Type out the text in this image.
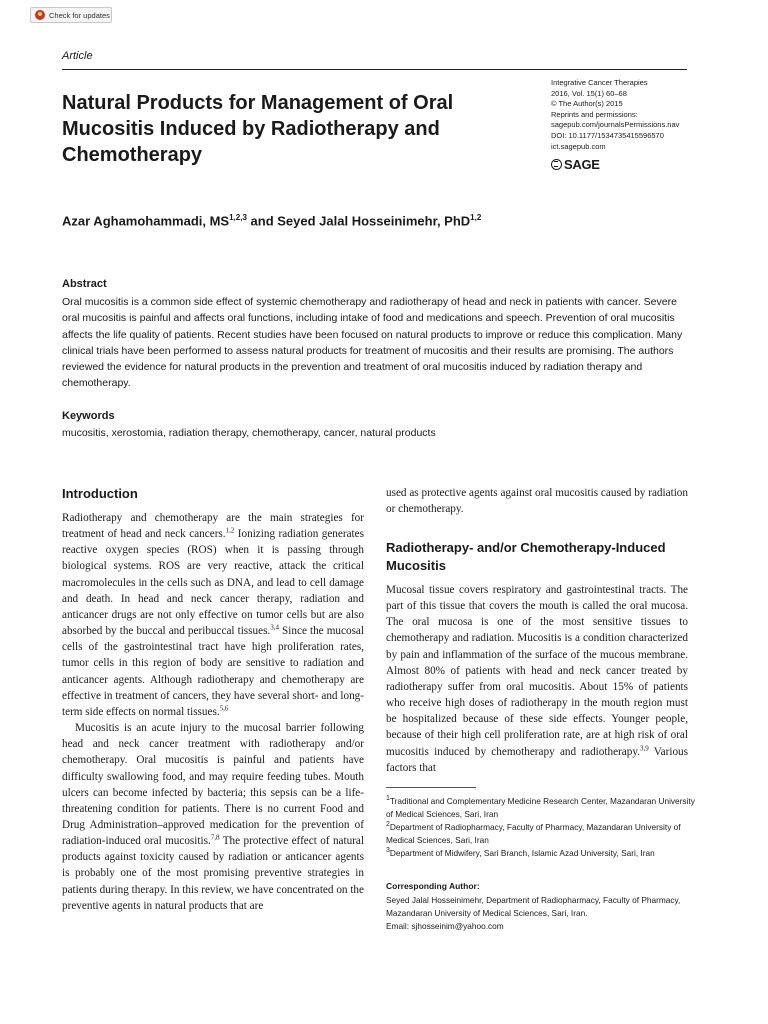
Check for updates
Article
Natural Products for Management of Oral Mucositis Induced by Radiotherapy and Chemotherapy
Integrative Cancer Therapies
2016, Vol. 15(1) 60–68
© The Author(s) 2015
Reprints and permissions:
sagepub.com/journalsPermissions.nav
DOI: 10.1177/1534735415596570
ict.sagepub.com
SAGE
Azar Aghamohammadi, MS$^{1,2,3}$ and Seyed Jalal Hosseinimehr, PhD$^{1,2}$
Abstract
Oral mucositis is a common side effect of systemic chemotherapy and radiotherapy of head and neck in patients with cancer. Severe oral mucositis is painful and affects oral functions, including intake of food and medications and speech. Prevention of oral mucositis affects the life quality of patients. Recent studies have been focused on natural products to improve or reduce this complication. Many clinical trials have been performed to assess natural products for treatment of mucositis and their results are promising. The authors reviewed the evidence for natural products in the prevention and treatment of oral mucositis induced by radiation therapy and chemotherapy.
Keywords
mucositis, xerostomia, radiation therapy, chemotherapy, cancer, natural products
Introduction

Radiotherapy and chemotherapy are the main strategies for treatment of head and neck cancers.$^{1,2}$ Ionizing radiation generates reactive oxygen species (ROS) when it is passing through biological systems. ROS are very reactive, attack the critical macromolecules in the cells such as DNA, and lead to cell damage and death. In head and neck cancer therapy, radiation and anticancer drugs are not only effective on tumor cells but are also absorbed by the buccal and peribuccal tissues.$^{3,4}$ Since the mucosal cells of the gastrointestinal tract have high proliferation rates, tumor cells in this region of body are sensitive to radiation and anticancer agents. Although radiotherapy and chemotherapy are effective in treatment of cancers, they have several short- and long-term side effects on normal tissues.$^{5,6}$

Mucositis is an acute injury to the mucosal barrier following head and neck cancer treatment with radiotherapy and/or chemotherapy. Oral mucositis is painful and patients have difficulty swallowing food, and may require feeding tubes. Mouth ulcers can become infected by bacteria; this sepsis can be a life-threatening condition for patients. There is no current Food and Drug Administration–approved medication for the prevention of radiation-induced oral mucositis.$^{7,8}$ The protective effect of natural products against toxicity caused by radiation or anticancer agents is probably one of the most promising preventive strategies in patients during therapy. In this review, we have concentrated on the preventive agents in natural products that are

used as protective agents against oral mucositis caused by radiation or chemotherapy.

Radiotherapy- and/or Chemotherapy-Induced Mucositis

Mucosal tissue covers respiratory and gastrointestinal tracts. The part of this tissue that covers the mouth is called the oral mucosa. The oral mucosa is one of the most sensitive tissues to chemotherapy and radiation. Mucositis is a condition characterized by pain and inflammation of the surface of the mucous membrane. Almost 80% of patients with head and neck cancer treated by radiotherapy suffer from oral mucositis. About 15% of patients who receive high doses of radiotherapy in the mouth region must be hospitalized because of these side effects. Younger people, because of their high cell proliferation rate, are at high risk of oral mucositis induced by chemotherapy and radiotherapy.$^{3,9}$ Various factors that

$^1$Traditional and Complementary Medicine Research Center, Mazandaran University of Medical Sciences, Sari, Iran
$^2$Department of Radiopharmacy, Faculty of Pharmacy, Mazandaran University of Medical Sciences, Sari, Iran
$^3$Department of Midwifery, Sari Branch, Islamic Azad University, Sari, Iran
Corresponding Author:
Seyed Jalal Hosseinimehr, Department of Radiopharmacy, Faculty of Pharmacy, Mazandaran University of Medical Sciences, Sari, Iran.
Email: sjhosseinim@yahoo.com
